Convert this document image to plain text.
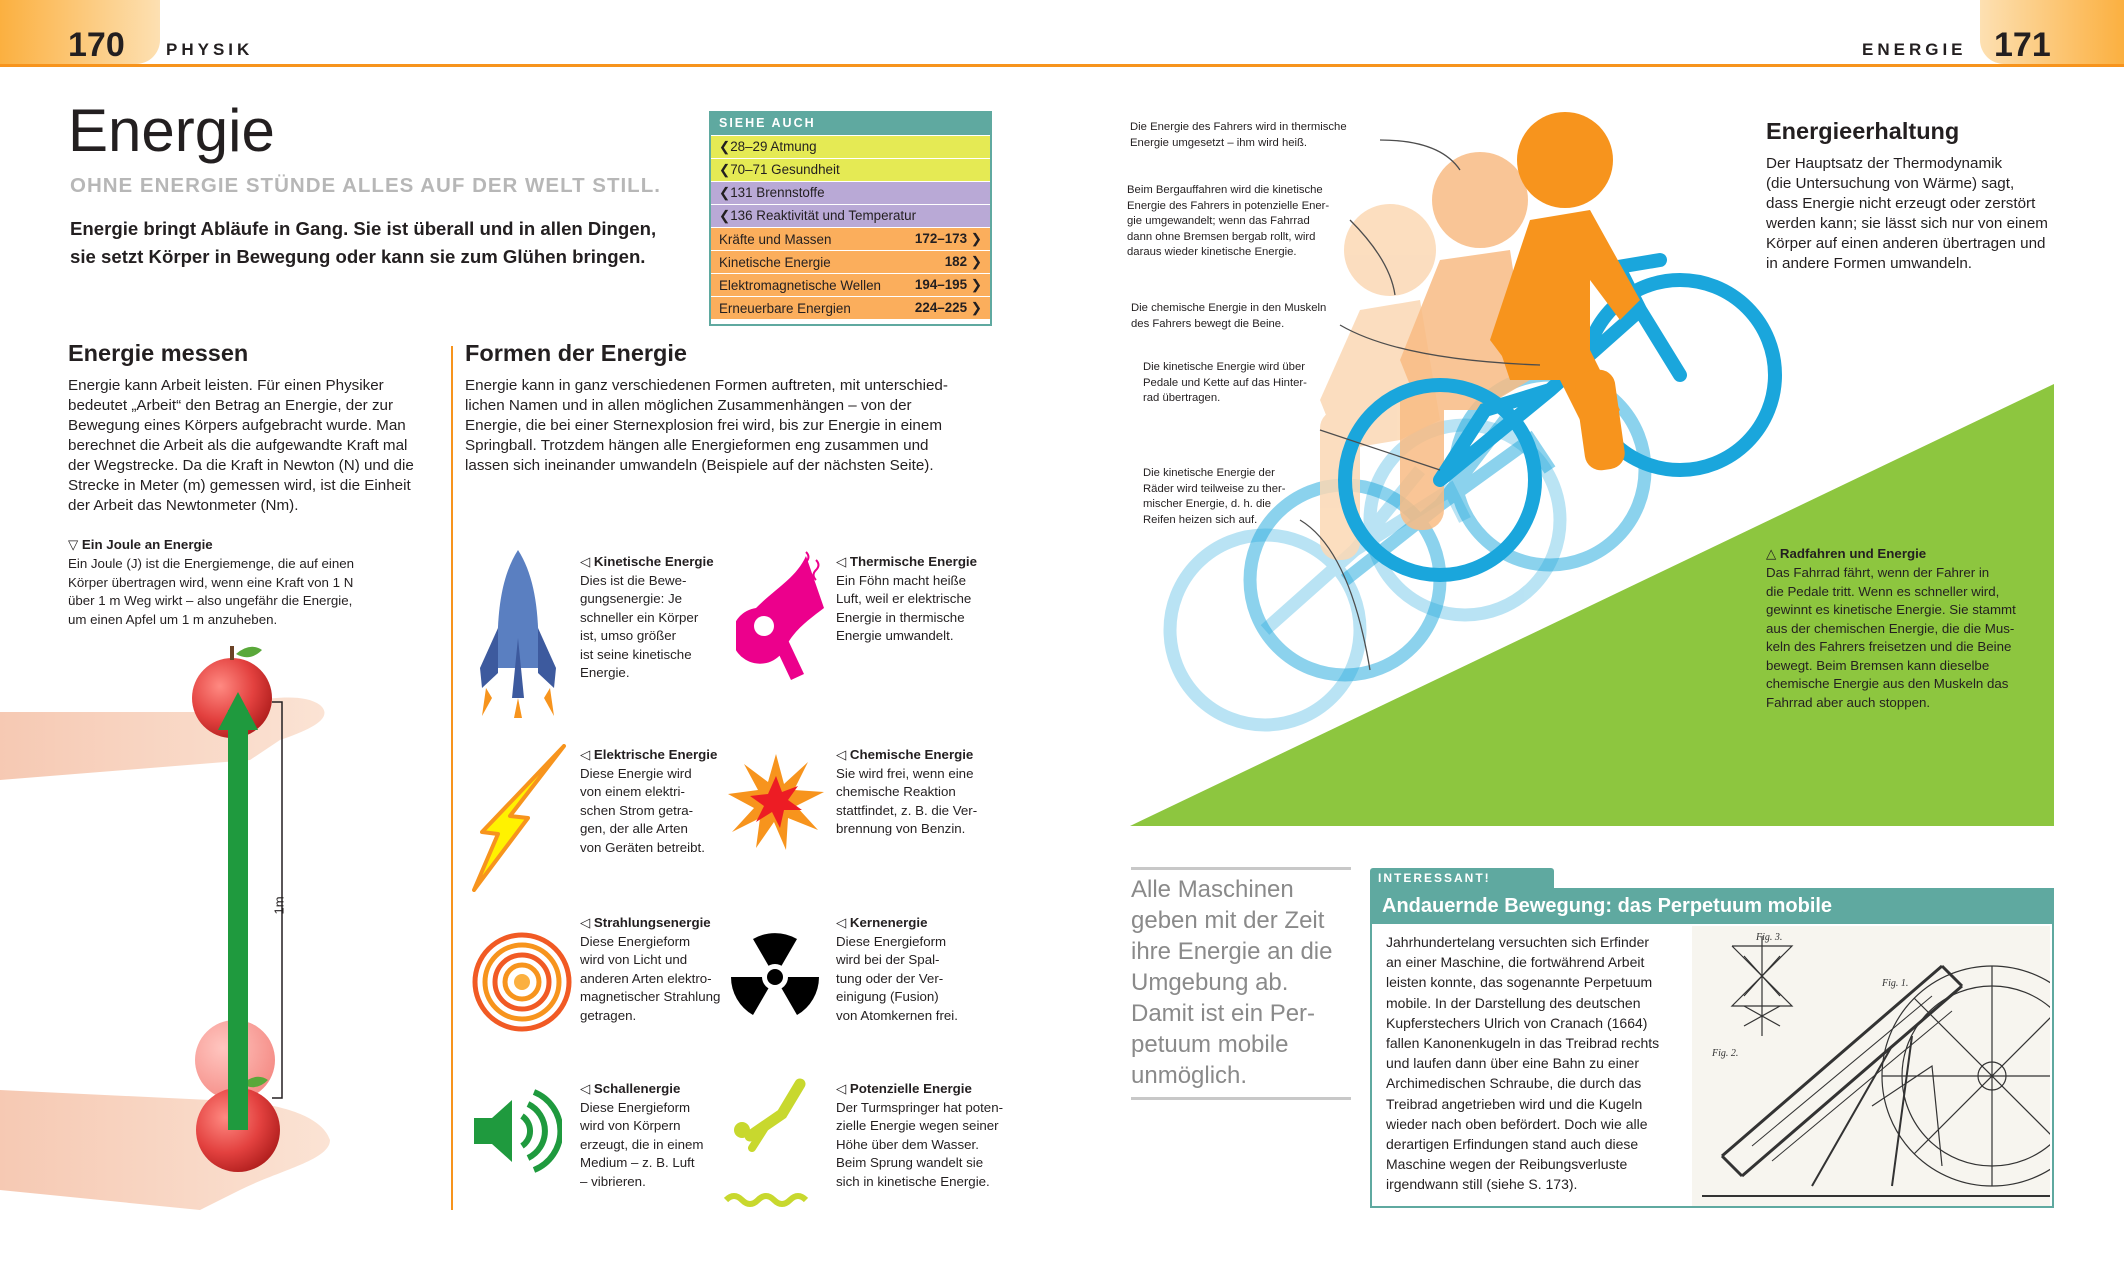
170 PHYSIK	ENERGIE 171
Energie
OHNE ENERGIE STÜNDE ALLES AUF DER WELT STILL.
Energie bringt Abläufe in Gang. Sie ist überall und in allen Dingen,
sie setzt Körper in Bewegung oder kann sie zum Glühen bringen.
SIEHE AUCH
❮28–29 Atmung
❮70–71 Gesundheit
❮131 Brennstoffe
❮136 Reaktivität und Temperatur
Kräfte und Massen	172–173 ❯
Kinetische Energie	182 ❯
Elektromagnetische Wellen	194–195 ❯
Erneuerbare Energien	224–225 ❯
Energie messen
Energie kann Arbeit leisten. Für einen Physiker
bedeutet „Arbeit“ den Betrag an Energie, der zur
Bewegung eines Körpers aufgebracht wurde. Man
berechnet die Arbeit als die aufgewandte Kraft mal
der Wegstrecke. Da die Kraft in Newton (N) und die
Strecke in Meter (m) gemessen wird, ist die Einheit
der Arbeit das Newtonmeter (Nm).
▽ Ein Joule an Energie
Ein Joule (J) ist die Energiemenge, die auf einen
Körper übertragen wird, wenn eine Kraft von 1 N
über 1 m Weg wirkt – also ungefähr die Energie,
um einen Apfel um 1 m anzuheben.
1m
Formen der Energie
Energie kann in ganz verschiedenen Formen auftreten, mit unterschied-
lichen Namen und in allen möglichen Zusammenhängen – von der
Energie, die bei einer Sternexplosion frei wird, bis zur Energie in einem
Springball. Trotzdem hängen alle Energieformen eng zusammen und
lassen sich ineinander umwandeln (Beispiele auf der nächsten Seite).
◁ Kinetische Energie
Dies ist die Bewe-
gungsenergie: Je
schneller ein Körper
ist, umso größer
ist seine kinetische
Energie.
◁ Thermische Energie
Ein Föhn macht heiße
Luft, weil er elektrische
Energie in thermische
Energie umwandelt.
◁ Elektrische Energie
Diese Energie wird
von einem elektri-
schen Strom getra-
gen, der alle Arten
von Geräten betreibt.
◁ Chemische Energie
Sie wird frei, wenn eine
chemische Reaktion
stattfindet, z. B. die Ver-
brennung von Benzin.
◁ Strahlungsenergie
Diese Energieform
wird von Licht und
anderen Arten elektro-
magnetischer Strahlung
getragen.
◁ Kernenergie
Diese Energieform
wird bei der Spal-
tung oder der Ver-
einigung (Fusion)
von Atomkernen frei.
◁ Schallenergie
Diese Energieform
wird von Körpern
erzeugt, die in einem
Medium – z. B. Luft
– vibrieren.
◁ Potenzielle Energie
Der Turmspringer hat poten-
zielle Energie wegen seiner
Höhe über dem Wasser.
Beim Sprung wandelt sie
sich in kinetische Energie.
Die Energie des Fahrers wird in thermische
Energie umgesetzt – ihm wird heiß.
Beim Bergauffahren wird die kinetische
Energie des Fahrers in potenzielle Ener-
gie umgewandelt; wenn das Fahrrad
dann ohne Bremsen bergab rollt, wird
daraus wieder kinetische Energie.
Die chemische Energie in den Muskeln
des Fahrers bewegt die Beine.
Die kinetische Energie wird über
Pedale und Kette auf das Hinter-
rad übertragen.
Die kinetische Energie der
Räder wird teilweise zu ther-
mischer Energie, d. h. die
Reifen heizen sich auf.
Energieerhaltung
Der Hauptsatz der Thermodynamik
(die Untersuchung von Wärme) sagt,
dass Energie nicht erzeugt oder zerstört
werden kann; sie lässt sich nur von einem
Körper auf einen anderen übertragen und
in andere Formen umwandeln.
△ Radfahren und Energie
Das Fahrrad fährt, wenn der Fahrer in
die Pedale tritt. Wenn es schneller wird,
gewinnt es kinetische Energie. Sie stammt
aus der chemischen Energie, die die Mus-
keln des Fahrers freisetzen und die Beine
bewegt. Beim Bremsen kann dieselbe
chemische Energie aus den Muskeln das
Fahrrad aber auch stoppen.
Alle Maschinen
geben mit der Zeit
ihre Energie an die
Umgebung ab.
Damit ist ein Per-
petuum mobile
unmöglich.
INTERESSANT!
Andauernde Bewegung: das Perpetuum mobile
Jahrhundertelang versuchten sich Erfinder
an einer Maschine, die fortwährend Arbeit
leisten konnte, das sogenannte Perpetuum
mobile. In der Darstellung des deutschen
Kupferstechers Ulrich von Cranach (1664)
fallen Kanonenkugeln in das Treibrad rechts
und laufen dann über eine Bahn zu einer
Archimedischen Schraube, die durch das
Treibrad angetrieben wird und die Kugeln
wieder nach oben befördert. Doch wie alle
derartigen Erfindungen stand auch diese
Maschine wegen der Reibungsverluste
irgendwann still (siehe S. 173).
Fig. 3.
Fig. 1.
Fig. 2.
